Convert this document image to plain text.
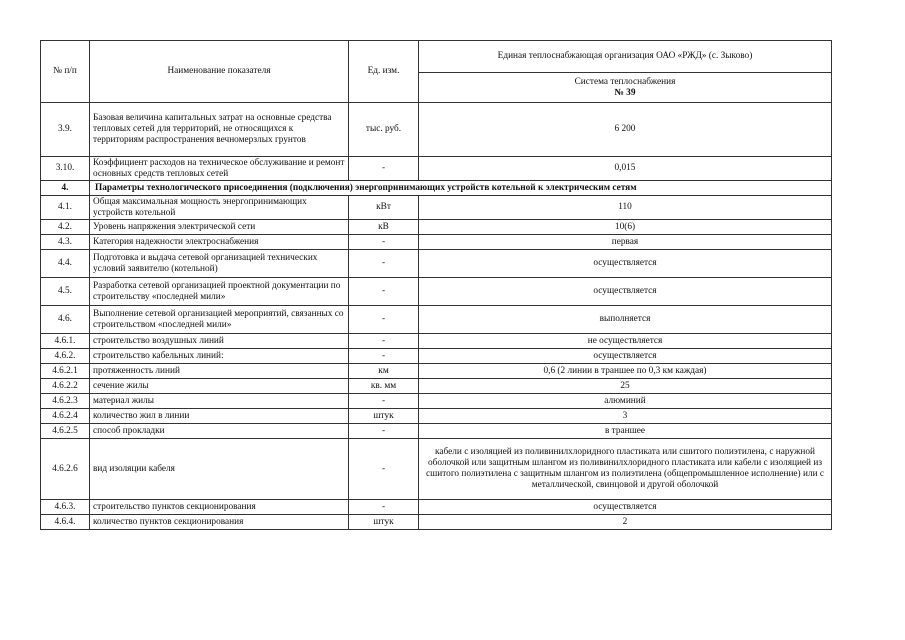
№ п/п	Наименование показателя	Ед. изм.	Единая теплоснабжающая организация ОАО «РЖД» (с. Зыково)

			Система теплоснабжения
№ 39

3.9.	Базовая величина капитальных затрат на основные средства тепловых сетей для территорий, не относящихся к территориям распространения вечномерзлых грунтов	тыс. руб.	6 200
3.10.	Коэффициент расходов на техническое обслуживание и ремонт основных средств тепловых сетей	-	0,015
4.	Параметры технологического присоединения (подключения) энергопринимающих устройств котельной к электрическим сетям		
4.1.	Общая максимальная мощность энергопринимающих устройств котельной	кВт	110
4.2.	Уровень напряжения электрической сети	кВ	10(6)
4.3.	Категория надежности электроснабжения	-	первая
4.4.	Подготовка и выдача сетевой организацией технических условий заявителю (котельной)	-	осуществляется
4.5.	Разработка сетевой организацией проектной документации по строительству «последней мили»	-	осуществляется
4.6.	Выполнение сетевой организацией мероприятий, связанных со строительством «последней мили»	-	выполняется
4.6.1.	строительство воздушных линий	-	не осуществляется
4.6.2.	строительство кабельных линий:	-	осуществляется
4.6.2.1	протяженность линий	км	0,6 (2 линии в траншее по 0,3 км каждая)
4.6.2.2	сечение жилы	кв. мм	25
4.6.2.3	материал жилы	-	алюминий
4.6.2.4	количество жил в линии	штук	3
4.6.2.5	способ прокладки	-	в траншее
4.6.2.6	вид изоляции кабеля	-	кабели с изоляцией из поливинилхлоридного пластиката или сшитого полиэтилена, с наружной оболочкой или защитным шлангом из поливинилхлоридного пластиката или кабели с изоляцией из сшитого полиэтилена с защитным шлангом из полиэтилена (общепромышленное исполнение) или с металлической, свинцовой и другой оболочкой
4.6.3.	строительство пунктов секционирования	-	осуществляется
4.6.4.	количество пунктов секционирования	штук	2
